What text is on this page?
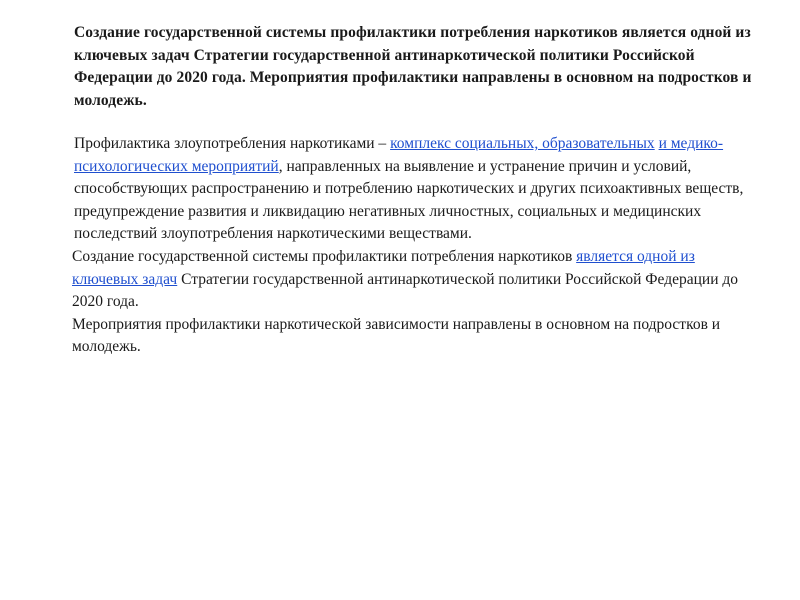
Создание государственной системы профилактики потребления наркотиков является одной из ключевых задач Стратегии государственной антинаркотической политики Российской Федерации до 2020 года. Мероприятия профилактики направлены в основном на подростков и молодежь.

Профилактика злоупотребления наркотиками – комплекс социальных, образовательных и медико-психологических мероприятий, направленных на выявление и устранение причин и условий, способствующих распространению и потреблению наркотических и других психоактивных веществ, предупреждение развития и ликвидацию негативных личностных, социальных и медицинских последствий злоупотребления наркотическими веществами.

Создание государственной системы профилактики потребления наркотиков является одной из ключевых задач Стратегии государственной антинаркотической политики Российской Федерации до 2020 года.

Мероприятия профилактики наркотической зависимости направлены в основном на подростков и молодежь.
